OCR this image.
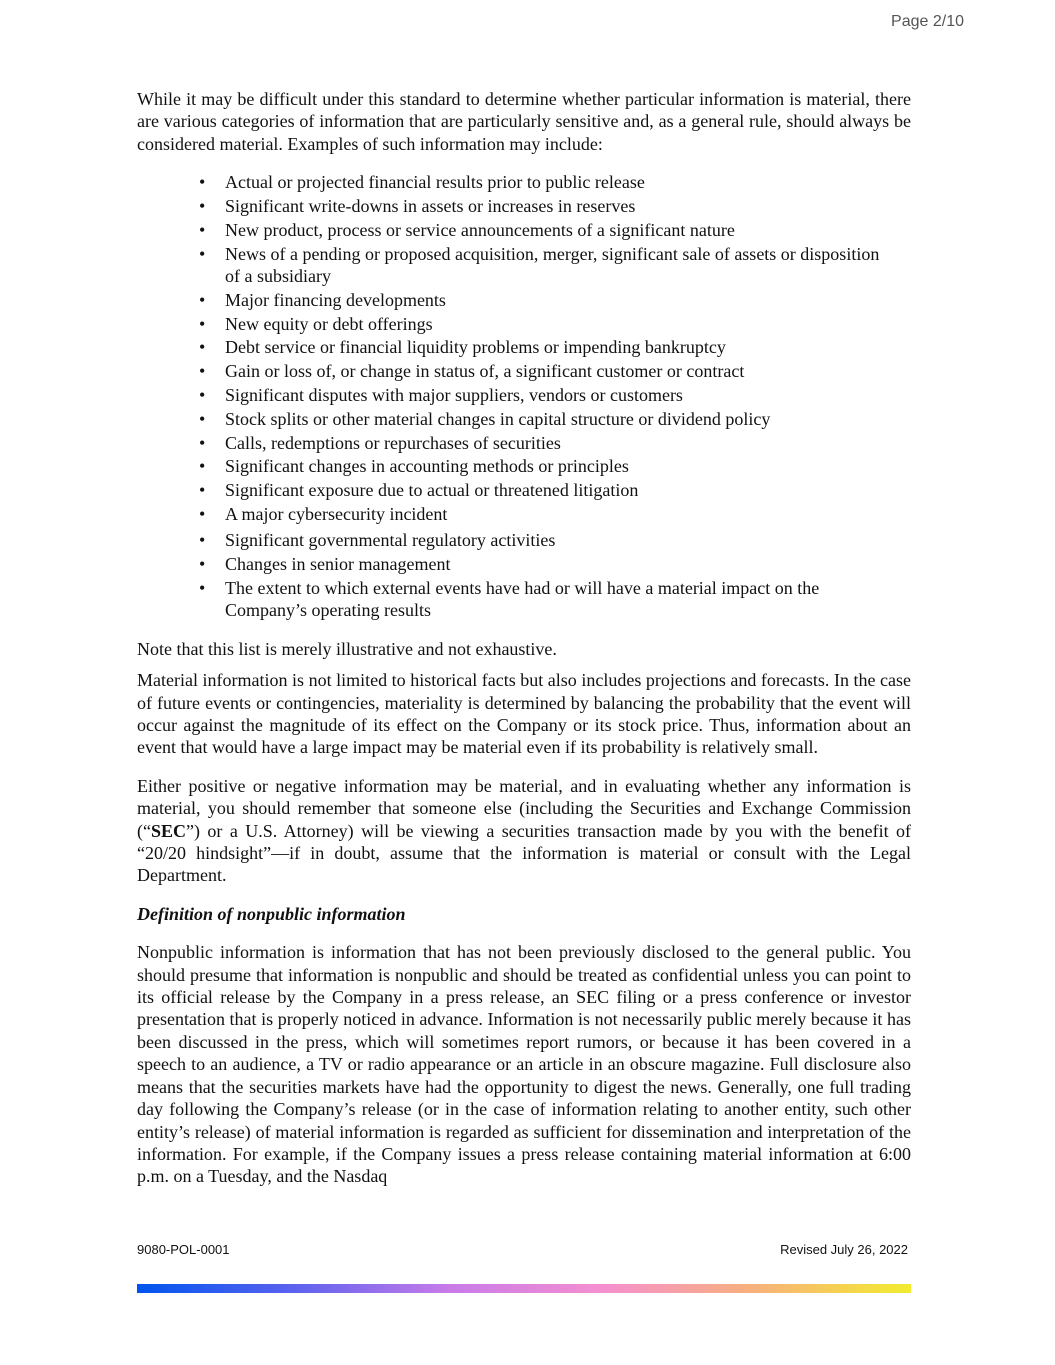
Page 2/10

While it may be difficult under this standard to determine whether particular information is material, there are various categories of information that are particularly sensitive and, as a general rule, should always be considered material. Examples of such information may include:

• Actual or projected financial results prior to public release
• Significant write-downs in assets or increases in reserves
• New product, process or service announcements of a significant nature
• News of a pending or proposed acquisition, merger, significant sale of assets or disposition of a subsidiary
• Major financing developments
• New equity or debt offerings
• Debt service or financial liquidity problems or impending bankruptcy
• Gain or loss of, or change in status of, a significant customer or contract
• Significant disputes with major suppliers, vendors or customers
• Stock splits or other material changes in capital structure or dividend policy
• Calls, redemptions or repurchases of securities
• Significant changes in accounting methods or principles
• Significant exposure due to actual or threatened litigation
• A major cybersecurity incident
• Significant governmental regulatory activities
• Changes in senior management
• The extent to which external events have had or will have a material impact on the Company’s operating results

Note that this list is merely illustrative and not exhaustive.

Material information is not limited to historical facts but also includes projections and forecasts. In the case of future events or contingencies, materiality is determined by balancing the probability that the event will occur against the magnitude of its effect on the Company or its stock price. Thus, information about an event that would have a large impact may be material even if its probability is relatively small.

Either positive or negative information may be material, and in evaluating whether any information is material, you should remember that someone else (including the Securities and Exchange Commission (“SEC”) or a U.S. Attorney) will be viewing a securities transaction made by you with the benefit of “20/20 hindsight”—if in doubt, assume that the information is material or consult with the Legal Department.

Definition of nonpublic information

Nonpublic information is information that has not been previously disclosed to the general public. You should presume that information is nonpublic and should be treated as confidential unless you can point to its official release by the Company in a press release, an SEC filing or a press conference or investor presentation that is properly noticed in advance. Information is not necessarily public merely because it has been discussed in the press, which will sometimes report rumors, or because it has been covered in a speech to an audience, a TV or radio appearance or an article in an obscure magazine. Full disclosure also means that the securities markets have had the opportunity to digest the news. Generally, one full trading day following the Company’s release (or in the case of information relating to another entity, such other entity’s release) of material information is regarded as sufficient for dissemination and interpretation of the information. For example, if the Company issues a press release containing material information at 6:00 p.m. on a Tuesday, and the Nasdaq

9080-POL-0001	Revised July 26, 2022
